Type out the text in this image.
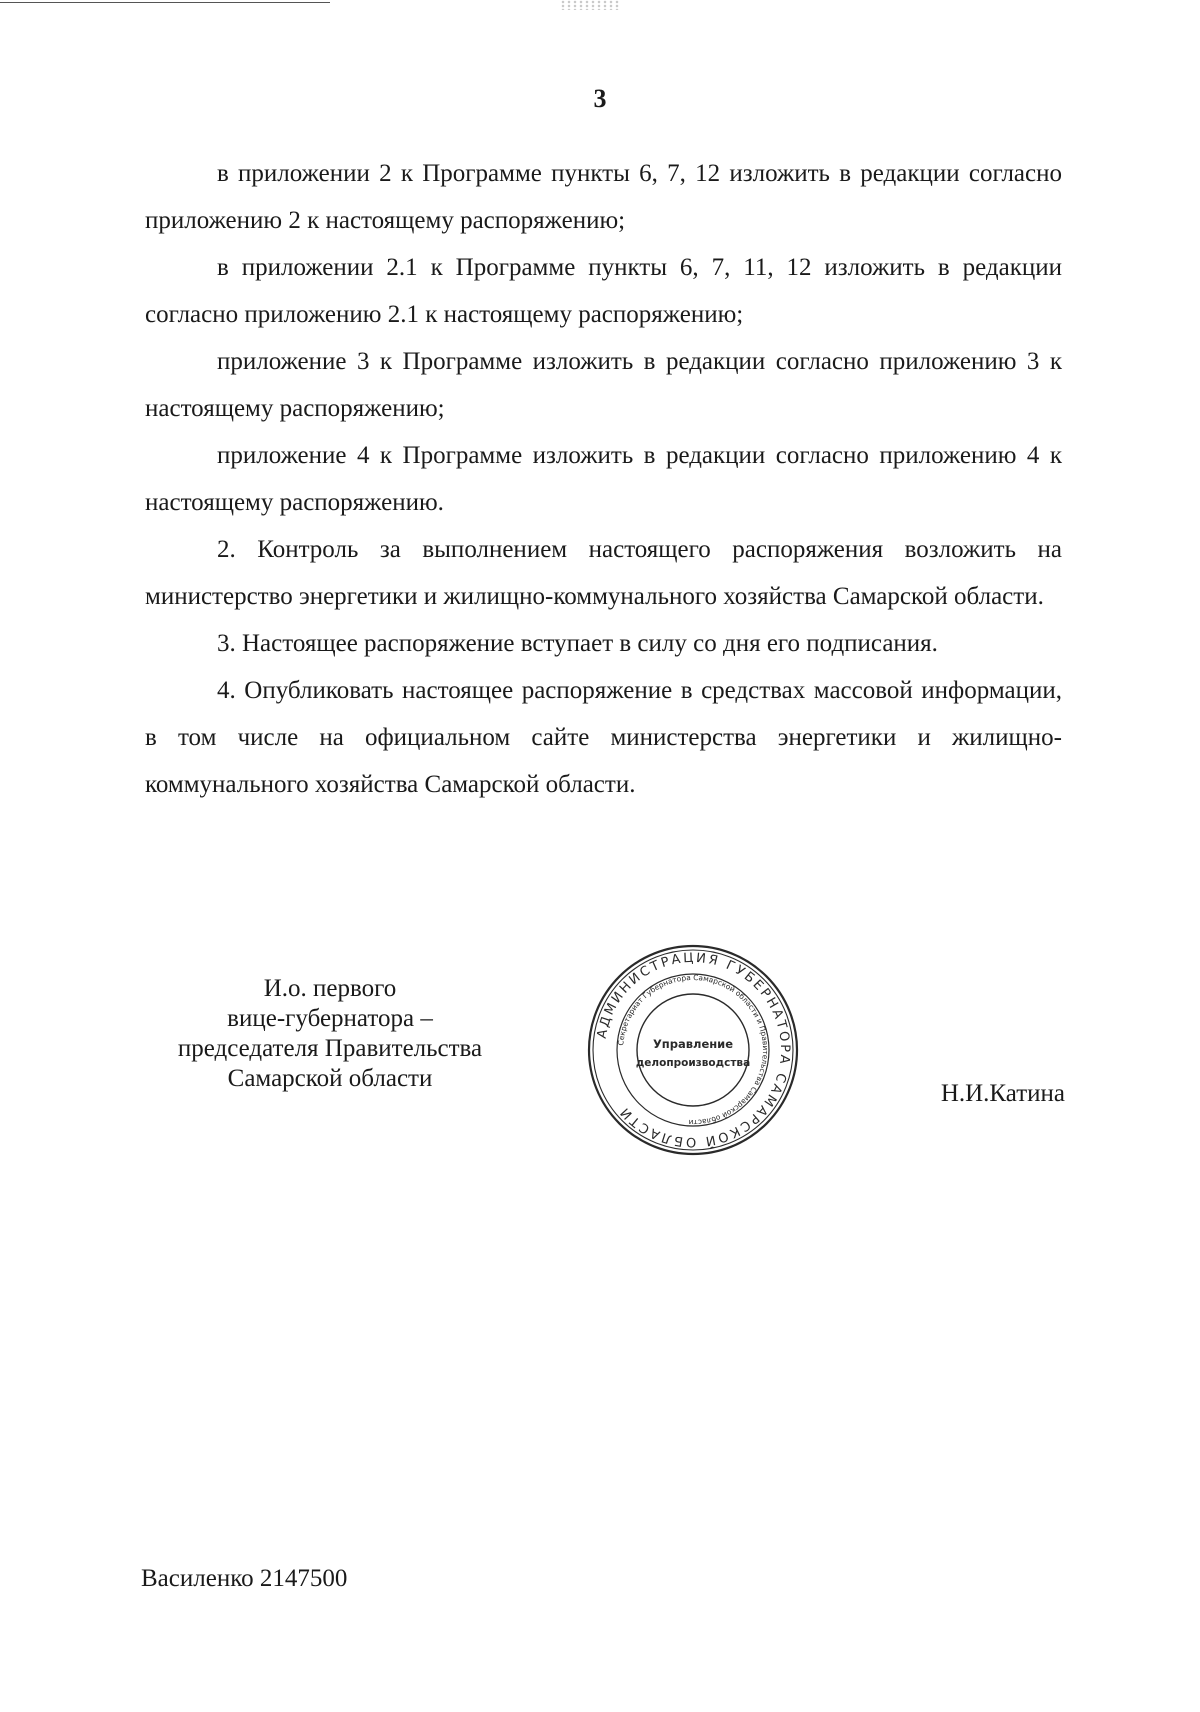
3

в приложении 2 к Программе пункты 6, 7, 12 изложить в редакции согласно приложению 2 к настоящему распоряжению;

в приложении 2.1 к Программе пункты 6, 7, 11, 12 изложить в редакции согласно приложению 2.1 к настоящему распоряжению;

приложение 3 к Программе изложить в редакции согласно приложению 3 к настоящему распоряжению;

приложение 4 к Программе изложить в редакции согласно приложению 4 к настоящему распоряжению.

2. Контроль за выполнением настоящего распоряжения возложить на министерство энергетики и жилищно-коммунального хозяйства Самарской области.

3. Настоящее распоряжение вступает в силу со дня его подписания.

4. Опубликовать настоящее распоряжение в средствах массовой информации, в том числе на официальном сайте министерства энергетики и жилищно-коммунального хозяйства Самарской области.

И.о. первого
вице-губернатора –
председателя Правительства
Самарской области
АДМИНИСТРАЦИЯ ГУБЕРНАТОРА САМАРСКОЙ ОБЛАСТИ
Секретариат Губернатора Самарской области и Правительства Самарской области
Управление
делопроизводства
Н.И.Катина
Василенко 2147500
